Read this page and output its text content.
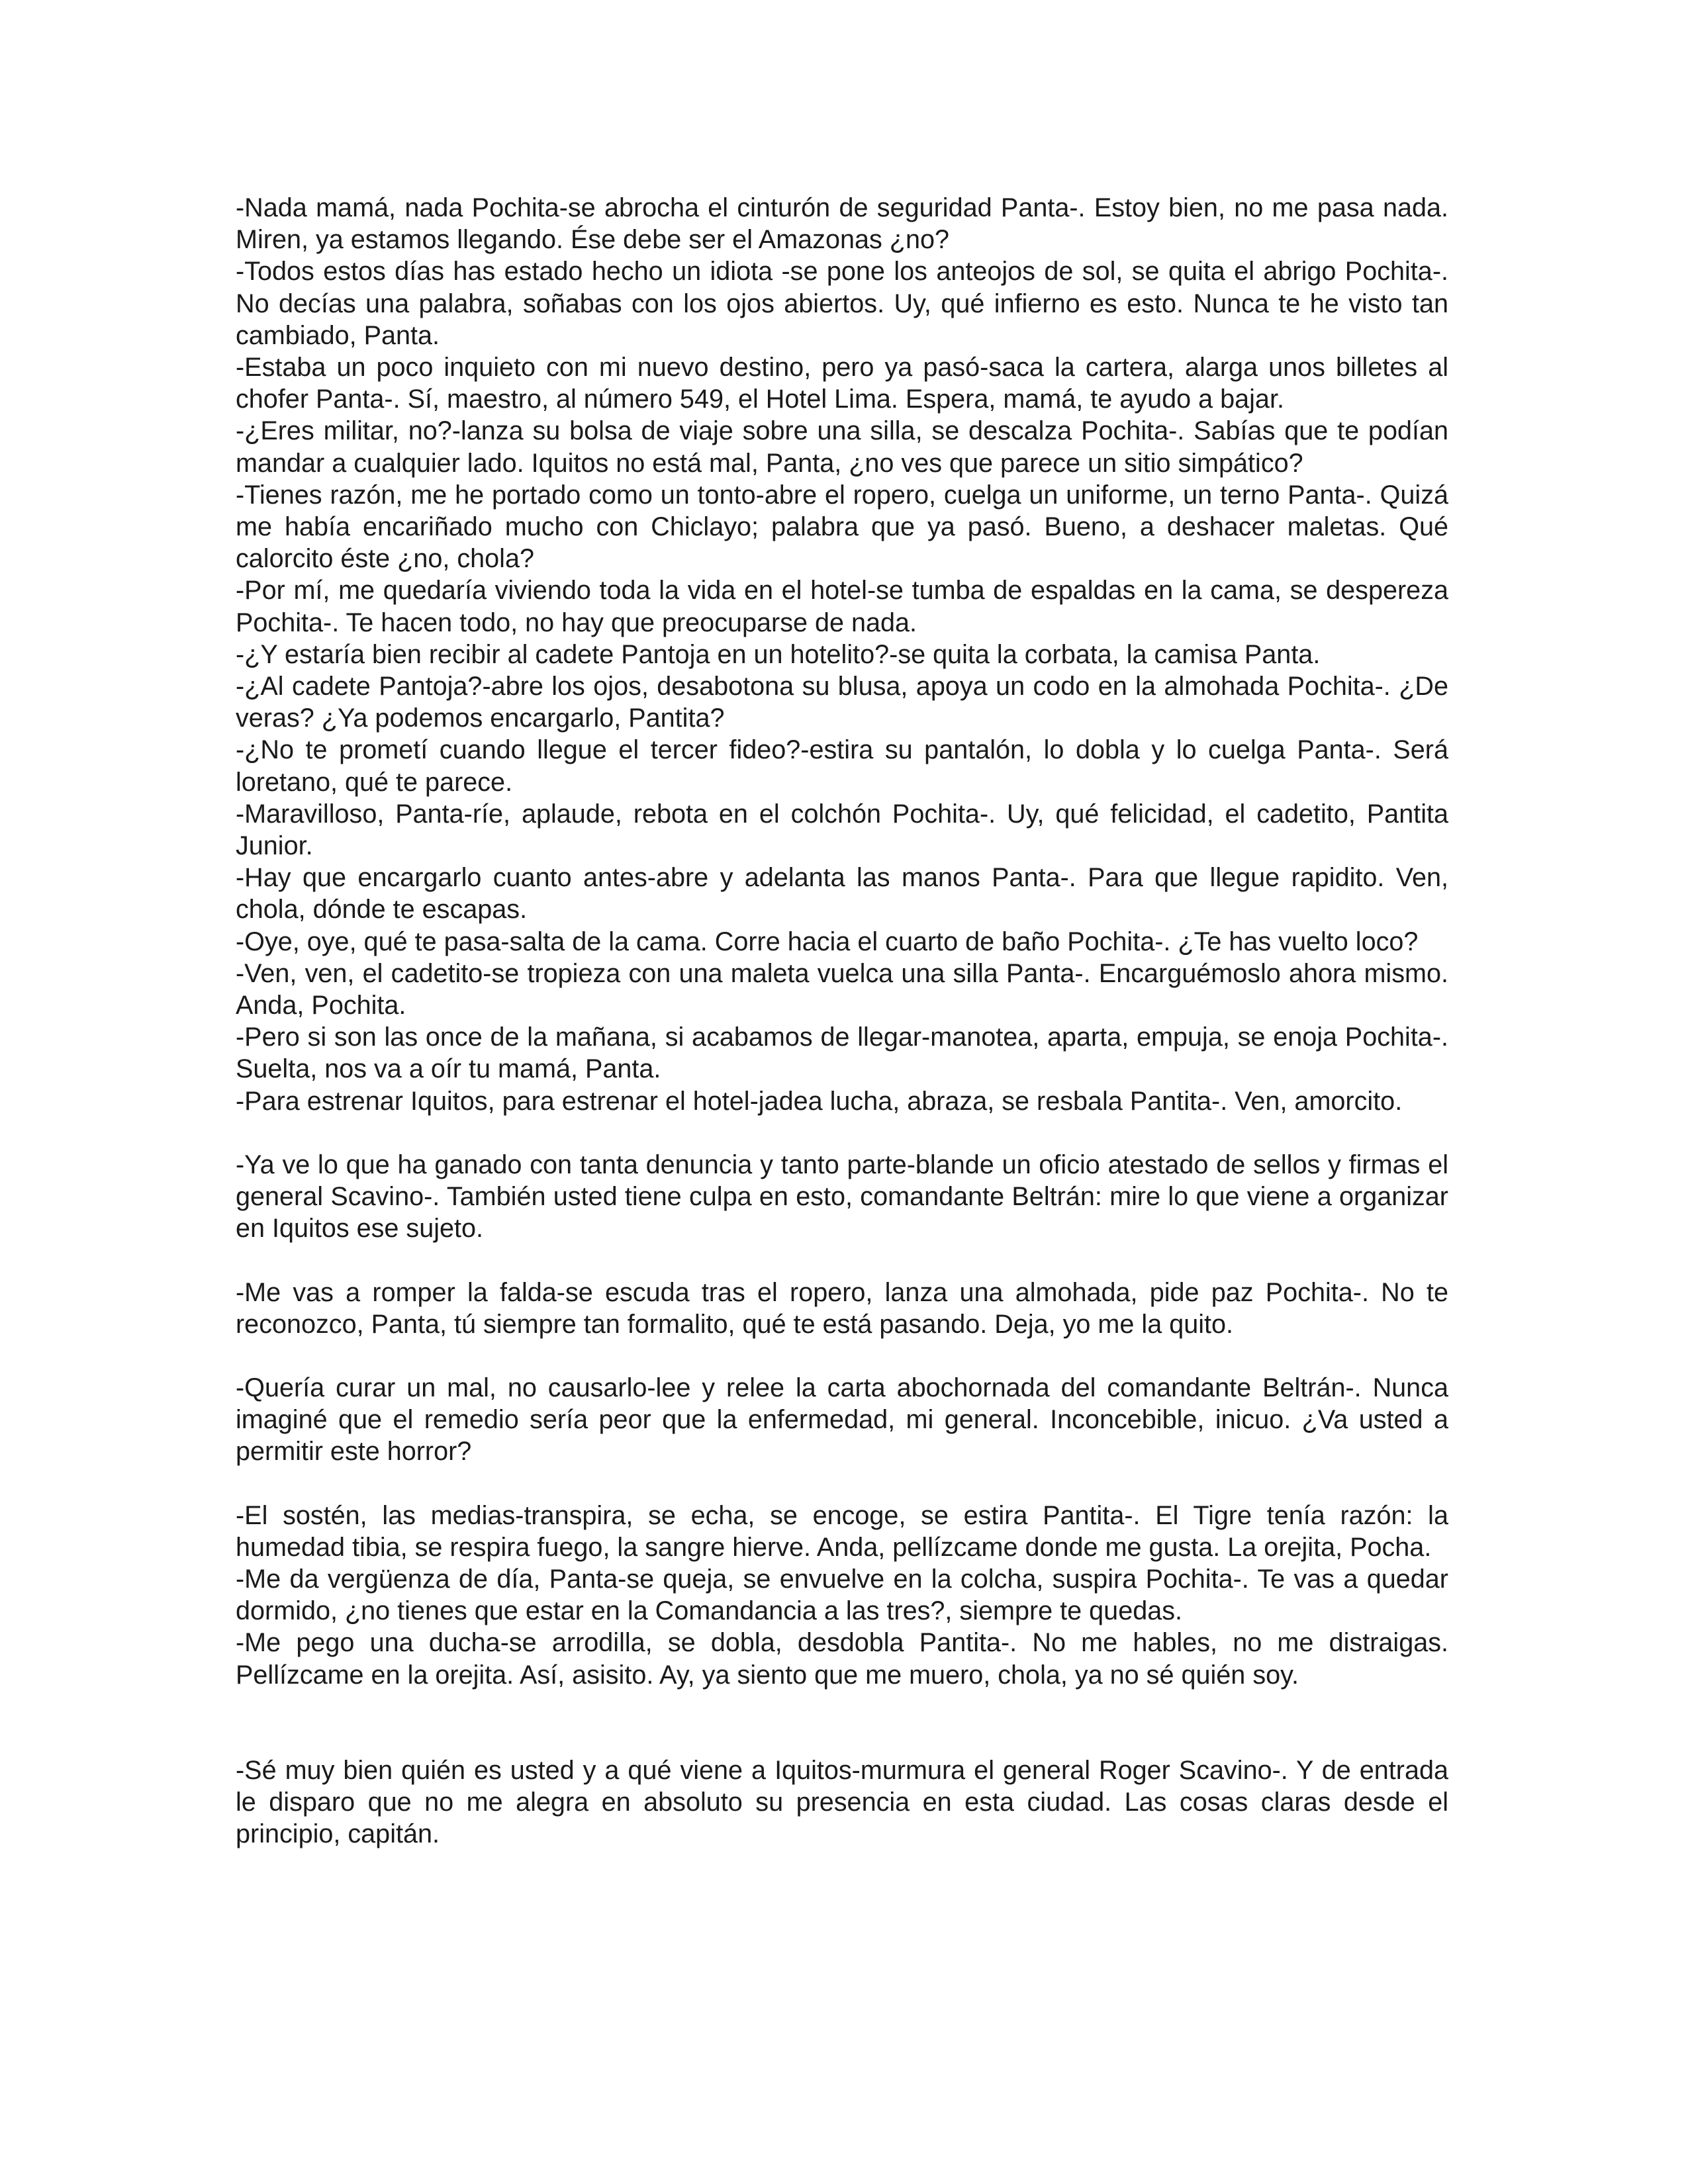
-Nada mamá, nada Pochita-se abrocha el cinturón de seguridad Panta-. Estoy bien, no me pasa nada. Miren, ya estamos llegando. Ése debe ser el Amazonas ¿no?

-Todos estos días has estado hecho un idiota -se pone los anteojos de sol, se quita el abrigo Pochita-. No decías una palabra, soñabas con los ojos abiertos. Uy, qué infierno es esto. Nunca te he visto tan cambiado, Panta.

-Estaba un poco inquieto con mi nuevo destino, pero ya pasó-saca la cartera, alarga unos billetes al chofer Panta-. Sí, maestro, al número 549, el Hotel Lima. Espera, mamá, te ayudo a bajar.

-¿Eres militar, no?-lanza su bolsa de viaje sobre una silla, se descalza Pochita-. Sabías que te podían mandar a cualquier lado. Iquitos no está mal, Panta, ¿no ves que parece un sitio simpático?

-Tienes razón, me he portado como un tonto-abre el ropero, cuelga un uniforme, un terno Panta-. Quizá me había encariñado mucho con Chiclayo; palabra que ya pasó. Bueno, a deshacer maletas. Qué calorcito éste ¿no, chola?

-Por mí, me quedaría viviendo toda la vida en el hotel-se tumba de espaldas en la cama, se despereza Pochita-. Te hacen todo, no hay que preocuparse de nada.

-¿Y estaría bien recibir al cadete Pantoja en un hotelito?-se quita la corbata, la camisa Panta.

-¿Al cadete Pantoja?-abre los ojos, desabotona su blusa, apoya un codo en la almohada Pochita-. ¿De veras? ¿Ya podemos encargarlo, Pantita?

-¿No te prometí cuando llegue el tercer fideo?-estira su pantalón, lo dobla y lo cuelga Panta-. Será loretano, qué te parece.

-Maravilloso, Panta-ríe, aplaude, rebota en el colchón Pochita-. Uy, qué felicidad, el cadetito, Pantita Junior.

-Hay que encargarlo cuanto antes-abre y adelanta las manos Panta-. Para que llegue rapidito. Ven, chola, dónde te escapas.

-Oye, oye, qué te pasa-salta de la cama. Corre hacia el cuarto de baño Pochita-. ¿Te has vuelto loco?

-Ven, ven, el cadetito-se tropieza con una maleta vuelca una silla Panta-. Encarguémoslo ahora mismo. Anda, Pochita.

-Pero si son las once de la mañana, si acabamos de llegar-manotea, aparta, empuja, se enoja Pochita-. Suelta, nos va a oír tu mamá, Panta.

-Para estrenar Iquitos, para estrenar el hotel-jadea lucha, abraza, se resbala Pantita-. Ven, amorcito.

-Ya ve lo que ha ganado con tanta denuncia y tanto parte-blande un oficio atestado de sellos y firmas el general Scavino-. También usted tiene culpa en esto, comandante Beltrán: mire lo que viene a organizar en Iquitos ese sujeto.

-Me vas a romper la falda-se escuda tras el ropero, lanza una almohada, pide paz Pochita-. No te reconozco, Panta, tú siempre tan formalito, qué te está pasando. Deja, yo me la quito.

-Quería curar un mal, no causarlo-lee y relee la carta abochornada del comandante Beltrán-. Nunca imaginé que el remedio sería peor que la enfermedad, mi general. Inconcebible, inicuo. ¿Va usted a permitir este horror?

-El sostén, las medias-transpira, se echa, se encoge, se estira Pantita-. El Tigre tenía razón: la humedad tibia, se respira fuego, la sangre hierve. Anda, pellízcame donde me gusta. La orejita, Pocha.

-Me da vergüenza de día, Panta-se queja, se envuelve en la colcha, suspira Pochita-. Te vas a quedar dormido, ¿no tienes que estar en la Comandancia a las tres?, siempre te quedas.

-Me pego una ducha-se arrodilla, se dobla, desdobla Pantita-. No me hables, no me distraigas. Pellízcame en la orejita. Así, asisito. Ay, ya siento que me muero, chola, ya no sé quién soy.

-Sé muy bien quién es usted y a qué viene a Iquitos-murmura el general Roger Scavino-. Y de entrada le disparo que no me alegra en absoluto su presencia en esta ciudad. Las cosas claras desde el principio, capitán.
